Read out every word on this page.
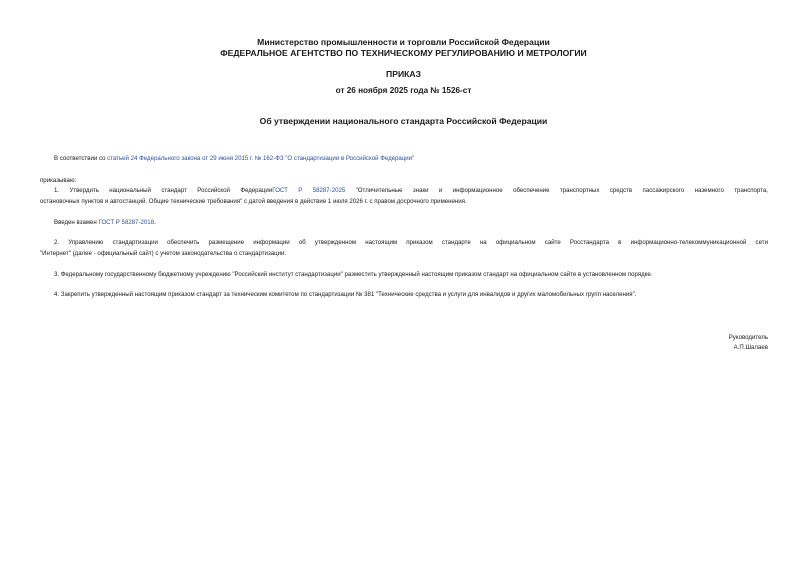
Министерство промышленности и торговли Российской Федерации
ФЕДЕРАЛЬНОЕ АГЕНТСТВО ПО ТЕХНИЧЕСКОМУ РЕГУЛИРОВАНИЮ И МЕТРОЛОГИИ
ПРИКАЗ
от 26 ноября 2025 года № 1526-ст
Об утверждении национального стандарта Российской Федерации
В соответствии со статьей 24 Федерального закона от 29 июня 2015 г. № 162-ФЗ "О стандартизации в Российской Федерации"
приказываю:
1. Утвердить национальный стандарт Российской ФедерацииГОСТ Р 58287-2025 "Отличительные знаки и информационное обеспечение транспортных средств пассажирского наземного транспорта,
остановочных пунктов и автостанций. Общие технические требования" с датой введения в действие 1 июля 2026 г. с правом досрочного применения.
Введен взамен ГОСТ Р 58287-2018.
2. Управлению стандартизации обеспечить размещение информации об утвержденном настоящим приказом стандарте на официальном сайте Росстандарта в информационно-телекоммуникационной сети
"Интернет" (далее - официальный сайт) с учетом законодательства о стандартизации.
3. Федеральному государственному бюджетному учреждению "Российский институт стандартизации" разместить утвержденный настоящим приказом стандарт на официальном сайте в установленном порядке.
4. Закрепить утвержденный настоящим приказом стандарт за техническим комитетом по стандартизации № 381 "Технические средства и услуги для инвалидов и других маломобильных групп населения".
Руководитель
А.П.Шалаев
